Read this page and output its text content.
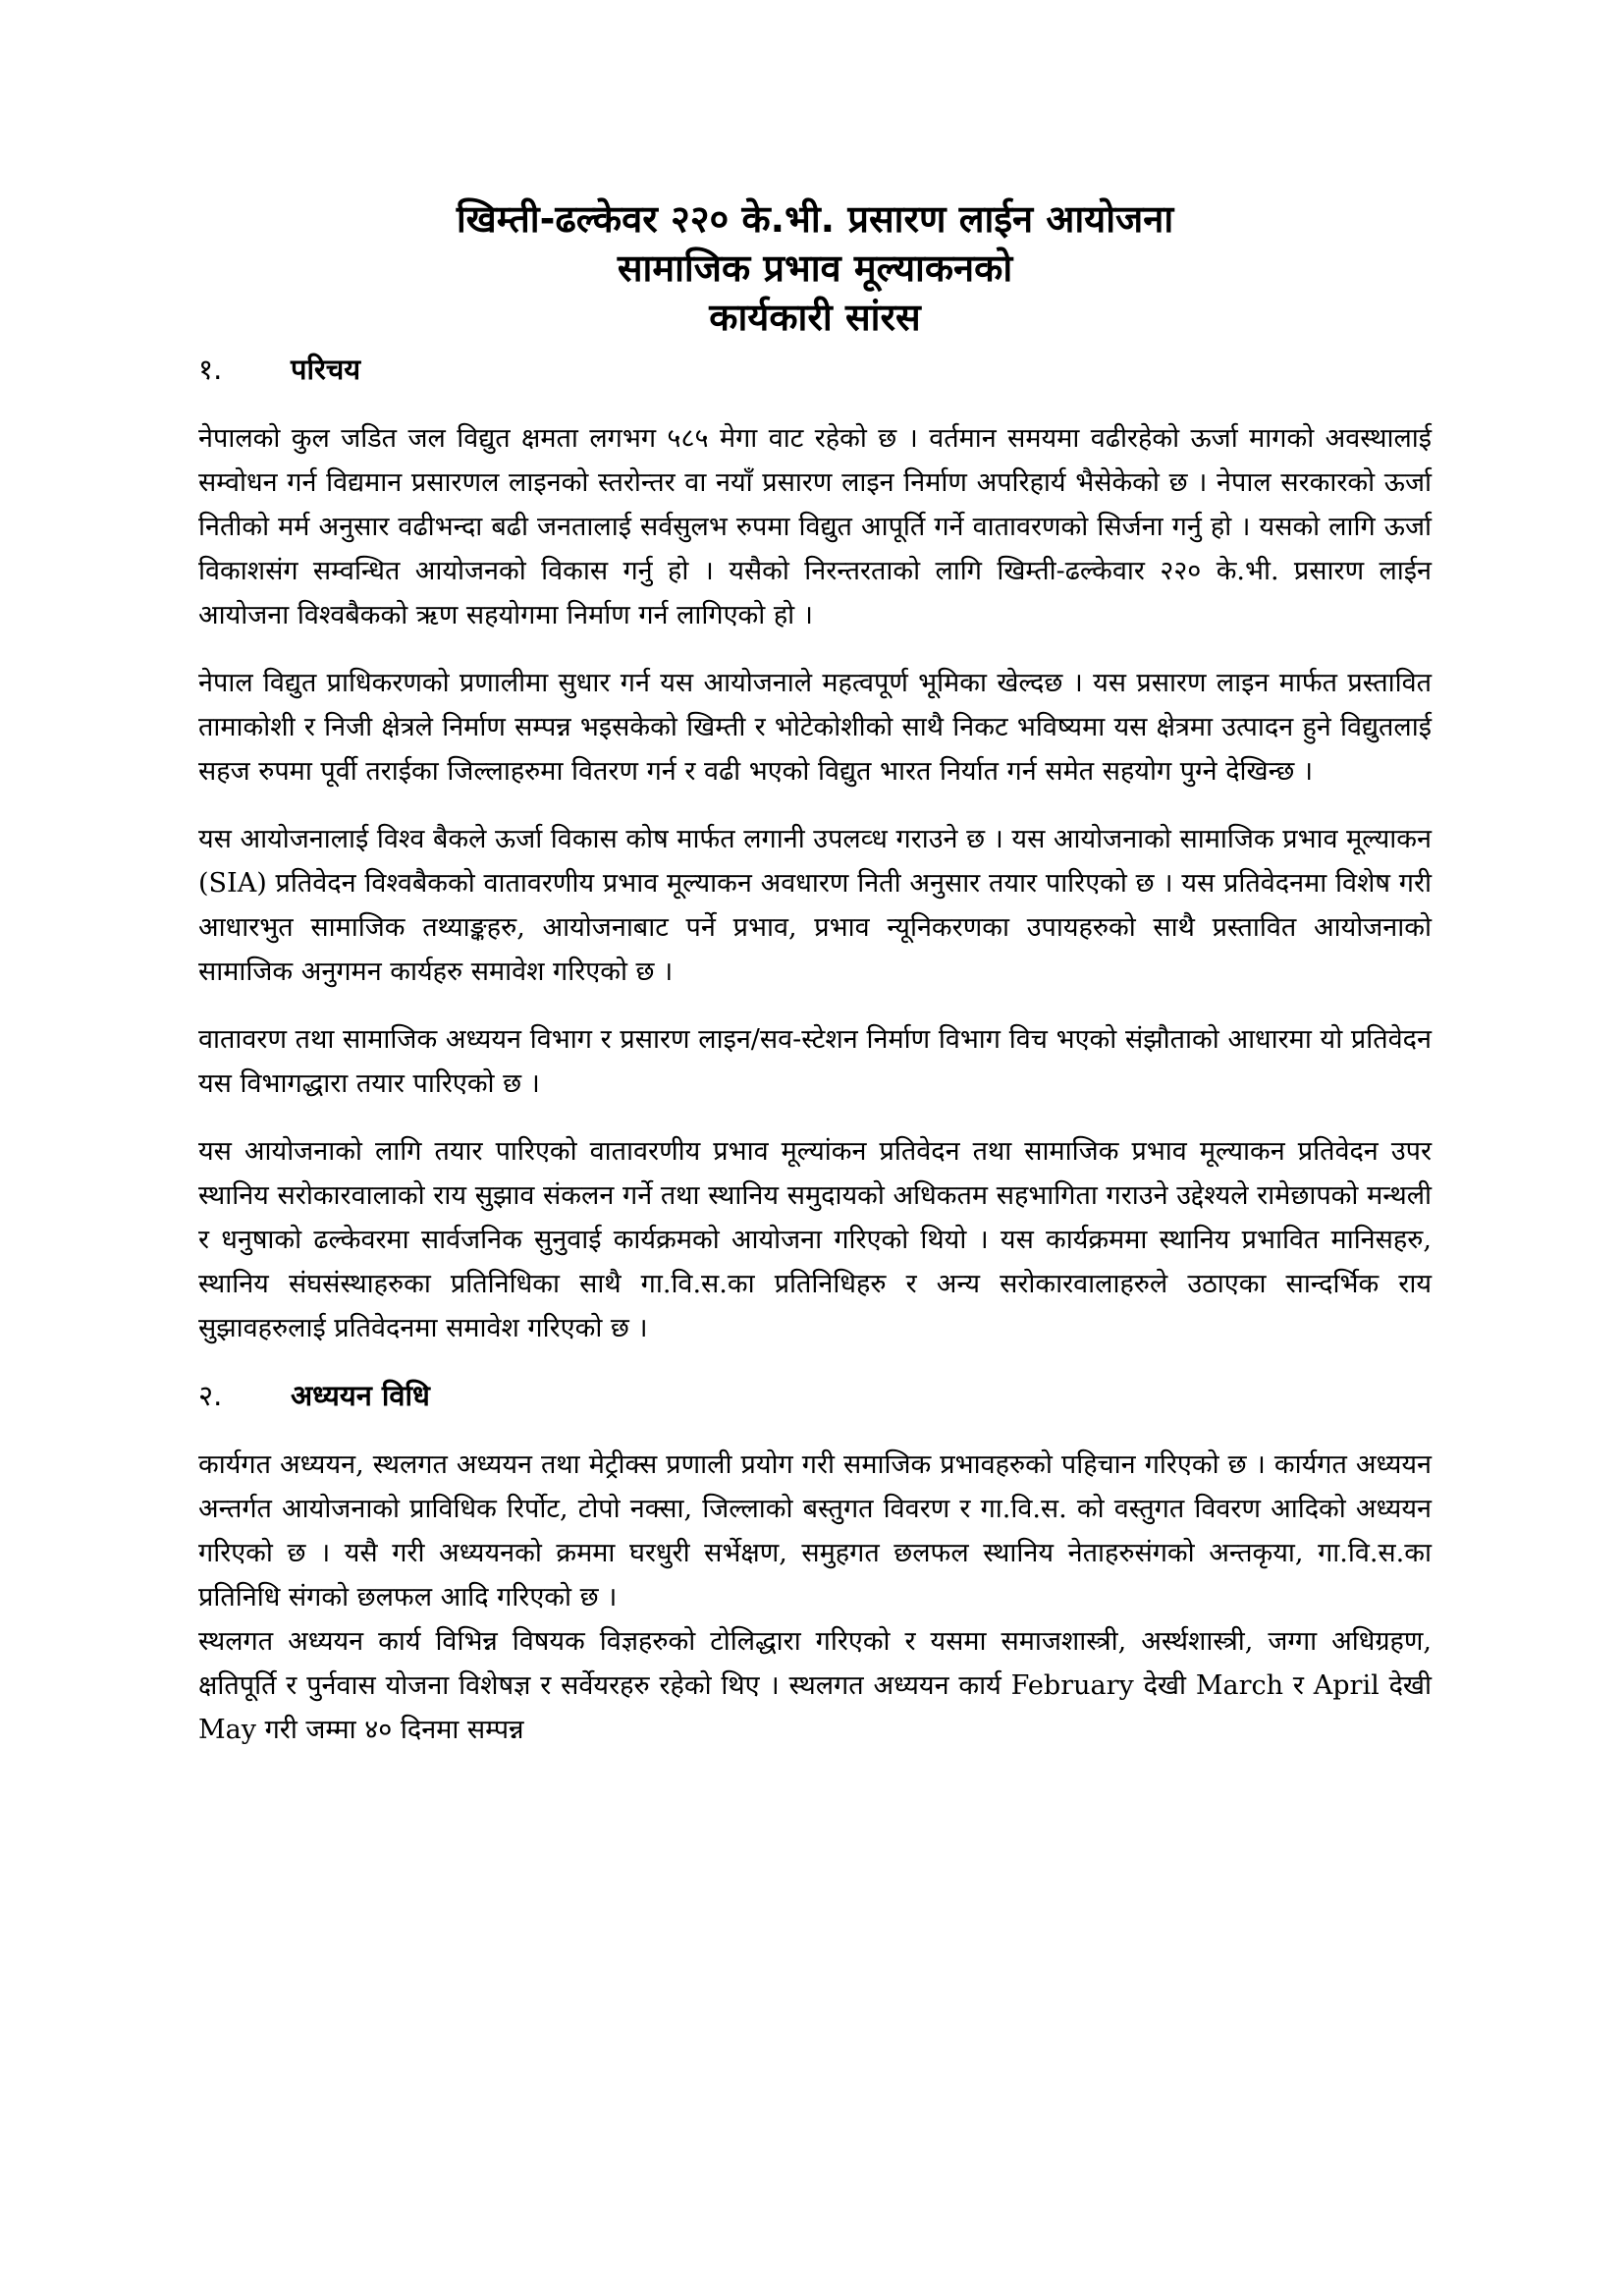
खिम्ती-ढल्केवर २२० के.भी. प्रसारण लाईन आयोजना

सामाजिक प्रभाव मूल्याकनको

कार्यकारी सांरस

१.	परिचय

नेपालको कुल जडित जल विद्युत क्षमता लगभग ५८५ मेगा वाट रहेको छ । वर्तमान समयमा वढीरहेको ऊर्जा मागको अवस्थालाई सम्वोधन गर्न विद्यमान प्रसारणल लाइनको स्तरोन्तर वा नयाँ प्रसारण लाइन निर्माण अपरिहार्य भैसेकेको छ । नेपाल सरकारको ऊर्जा नितीको मर्म अनुसार वढीभन्दा बढी जनतालाई सर्वसुलभ रुपमा विद्युत आपूर्ति गर्ने वातावरणको सिर्जना गर्नु हो । यसको लागि ऊर्जा विकाशसंग सम्वन्धित आयोजनको विकास गर्नु हो । यसैको निरन्तरताको लागि खिम्ती-ढल्केवार २२० के.भी. प्रसारण लाईन आयोजना विश्वबैकको ऋण सहयोगमा निर्माण गर्न लागिएको हो ।

नेपाल विद्युत प्राधिकरणको प्रणालीमा सुधार गर्न यस आयोजनाले महत्वपूर्ण भूमिका खेल्दछ । यस प्रसारण लाइन मार्फत प्रस्तावित तामाकोशी र निजी क्षेत्रले निर्माण सम्पन्न भइसकेको खिम्ती र भोटेकोशीको साथै निकट भविष्यमा यस क्षेत्रमा उत्पादन हुने विद्युतलाई सहज रुपमा पूर्वी तराईका जिल्लाहरुमा वितरण गर्न र वढी भएको विद्युत भारत निर्यात गर्न समेत सहयोग पुग्ने देखिन्छ ।

यस आयोजनालाई विश्व बैकले ऊर्जा विकास कोष मार्फत लगानी उपलव्ध गराउने छ । यस आयोजनाको सामाजिक प्रभाव मूल्याकन (SIA) प्रतिवेदन विश्वबैकको वातावरणीय प्रभाव मूल्याकन अवधारण निती अनुसार तयार पारिएको छ । यस प्रतिवेदनमा विशेष गरी आधारभुत सामाजिक तथ्याङ्कहरु, आयोजनाबाट पर्ने प्रभाव, प्रभाव न्यूनिकरणका उपायहरुको साथै प्रस्तावित आयोजनाको सामाजिक अनुगमन कार्यहरु समावेश गरिएको छ ।

वातावरण तथा सामाजिक अध्ययन विभाग र प्रसारण लाइन/सव-स्टेशन निर्माण विभाग विच भएको संझौताको आधारमा यो प्रतिवेदन यस विभागद्धारा तयार पारिएको छ ।

यस आयोजनाको लागि तयार पारिएको वातावरणीय प्रभाव मूल्यांकन प्रतिवेदन तथा सामाजिक प्रभाव मूल्याकन प्रतिवेदन उपर स्थानिय सरोकारवालाको राय सुझाव संकलन गर्ने तथा स्थानिय समुदायको अधिकतम सहभागिता गराउने उद्देश्यले रामेछापको मन्थली र धनुषाको ढल्केवरमा सार्वजनिक सुनुवाई कार्यक्रमको आयोजना गरिएको थियो । यस कार्यक्रममा स्थानिय प्रभावित मानिसहरु, स्थानिय संघसंस्थाहरुका प्रतिनिधिका साथै गा.वि.स.का प्रतिनिधिहरु र अन्य सरोकारवालाहरुले उठाएका सान्दर्भिक राय सुझावहरुलाई प्रतिवेदनमा समावेश गरिएको छ ।

२.	अध्ययन विधि

कार्यगत अध्ययन, स्थलगत अध्ययन तथा मेट्रीक्स प्रणाली प्रयोग गरी समाजिक प्रभावहरुको पहिचान गरिएको छ । कार्यगत अध्ययन अन्तर्गत आयोजनाको प्राविधिक रिर्पोट, टोपो नक्सा, जिल्लाको बस्तुगत विवरण र गा.वि.स. को वस्तुगत विवरण आदिको अध्ययन गरिएको छ । यसै गरी अध्ययनको क्रममा घरधुरी सर्भेक्षण, समुहगत छलफल स्थानिय नेताहरुसंगको अन्तकृया, गा.वि.स.का प्रतिनिधि संगको छलफल आदि गरिएको छ ।

स्थलगत अध्ययन कार्य विभिन्न विषयक विज्ञहरुको टोलिद्धारा गरिएको र यसमा समाजशास्त्री, अर्स्थशास्त्री, जग्गा अधिग्रहण, क्षतिपूर्ति र पुर्नवास योजना विशेषज्ञ र सर्वेयरहरु रहेको थिए । स्थलगत अध्ययन कार्य February देखी March र April देखी May गरी जम्मा ४० दिनमा सम्पन्न
